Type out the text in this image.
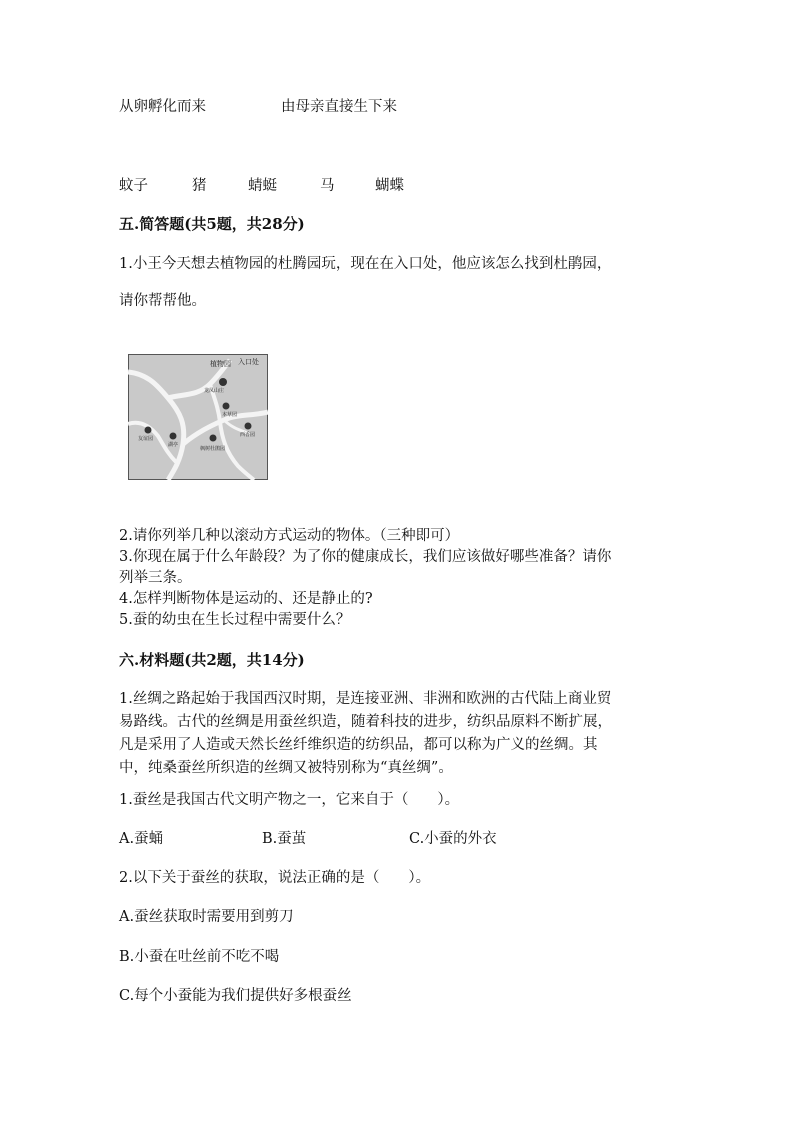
从卵孵化而来	由母亲直接生下来
蚊子	猪	蜻蜓	马	蝴蝶
五.简答题(共5题，共28分)
1.小王今天想去植物园的杜腾园玩，现在在入口处，他应该怎么找到杜鹃园，
请你帮帮他。
植物园 入口处
龙凤山庄
本草园
友谊园
湖亭
枫树杜鹃园
西香园
2.请你列举几种以滚动方式运动的物体。（三种即可）
3.你现在属于什么年龄段？为了你的健康成长，我们应该做好哪些准备？请你
列举三条。
4.怎样判断物体是运动的、还是静止的?
5.蚕的幼虫在生长过程中需要什么？
六.材料题(共2题，共14分)

1.丝绸之路起始于我国西汉时期，是连接亚洲、非洲和欧洲的古代陆上商业贸

易路线。古代的丝绸是用蚕丝织造，随着科技的进步，纺织品原料不断扩展，

凡是采用了人造或天然长丝纤维织造的纺织品，都可以称为广义的丝绸。其

中，纯桑蚕丝所织造的丝绸又被特别称为“真丝绸”。

1.蚕丝是我国古代文明产物之一，它来自于（　　）。
A.蚕蛹	B.蚕茧	C.小蚕的外衣
2.以下关于蚕丝的获取，说法正确的是（　　）。
A.蚕丝获取时需要用到剪刀
B.小蚕在吐丝前不吃不喝
C.每个小蚕能为我们提供好多根蚕丝
